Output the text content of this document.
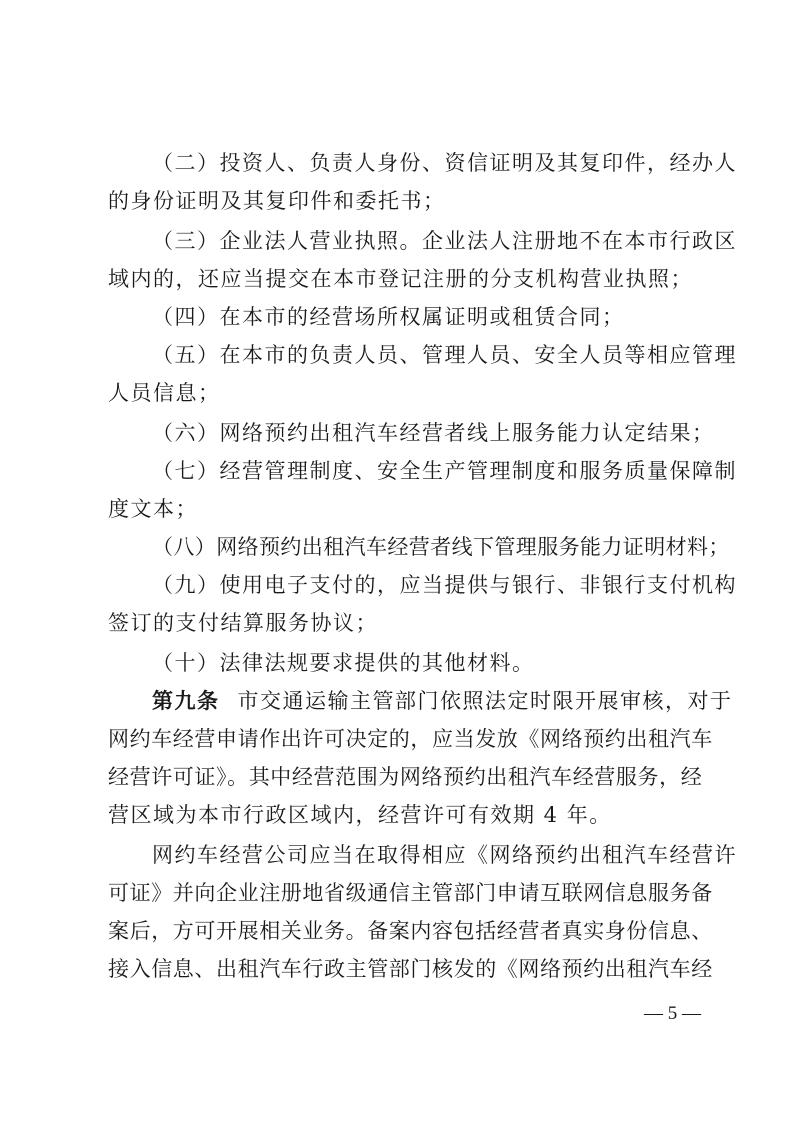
（二）投资人、负责人身份、资信证明及其复印件，经办人
的身份证明及其复印件和委托书；
（三）企业法人营业执照。企业法人注册地不在本市行政区
域内的，还应当提交在本市登记注册的分支机构营业执照；
（四）在本市的经营场所权属证明或租赁合同；
（五）在本市的负责人员、管理人员、安全人员等相应管理
人员信息；
（六）网络预约出租汽车经营者线上服务能力认定结果；
（七）经营管理制度、安全生产管理制度和服务质量保障制
度文本；
（八）网络预约出租汽车经营者线下管理服务能力证明材料；
（九）使用电子支付的，应当提供与银行、非银行支付机构
签订的支付结算服务协议；
（十）法律法规要求提供的其他材料。
第九条 市交通运输主管部门依照法定时限开展审核，对于
网约车经营申请作出许可决定的，应当发放《网络预约出租汽车
经营许可证》。其中经营范围为网络预约出租汽车经营服务，经
营区域为本市行政区域内，经营许可有效期 4 年。
网约车经营公司应当在取得相应《网络预约出租汽车经营许
可证》并向企业注册地省级通信主管部门申请互联网信息服务备
案后，方可开展相关业务。备案内容包括经营者真实身份信息、
接入信息、出租汽车行政主管部门核发的《网络预约出租汽车经
— 5 —
